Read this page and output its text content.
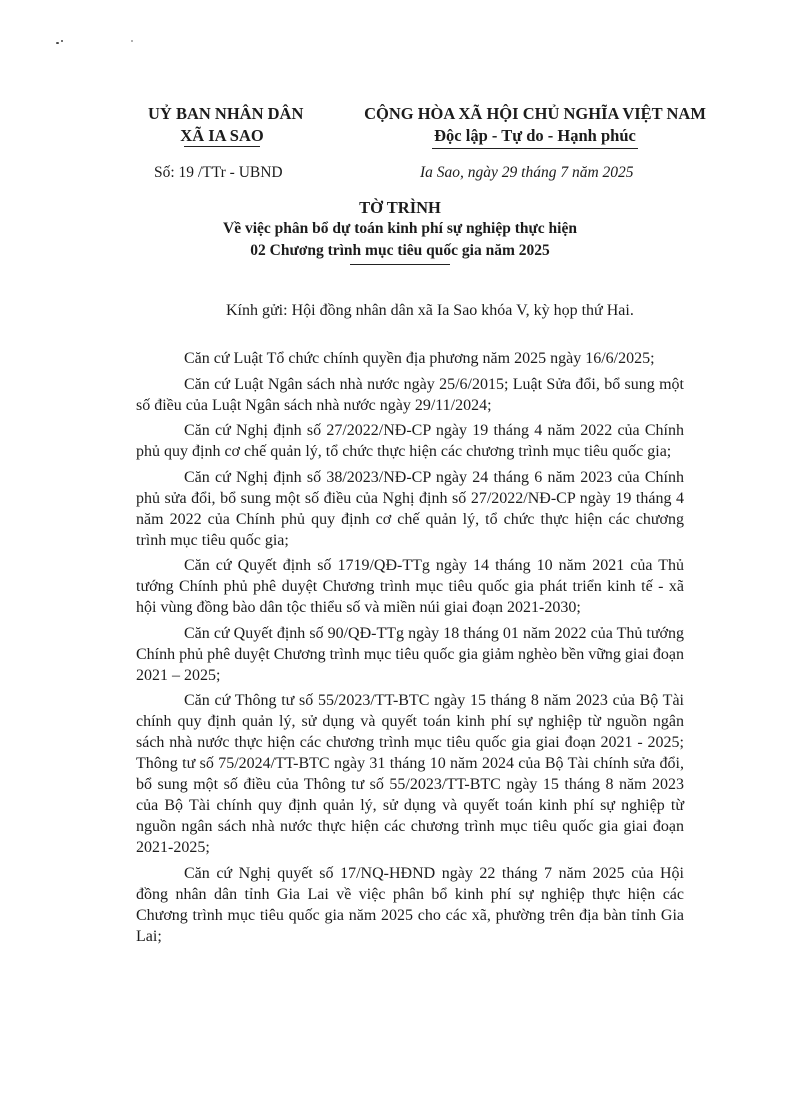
UỶ BAN NHÂN DÂN
XÃ IA SAO
CỘNG HÒA XÃ HỘI CHỦ NGHĨA VIỆT NAM
Độc lập - Tự do - Hạnh phúc
Số: 19 /TTr - UBND	Ia Sao, ngày 29 tháng 7 năm 2025
TỜ TRÌNH
Về việc phân bổ dự toán kinh phí sự nghiệp thực hiện
02 Chương trình mục tiêu quốc gia năm 2025
Kính gửi: Hội đồng nhân dân xã Ia Sao khóa V, kỳ họp thứ Hai.

Căn cứ Luật Tổ chức chính quyền địa phương năm 2025 ngày 16/6/2025;

Căn cứ Luật Ngân sách nhà nước ngày 25/6/2015; Luật Sửa đổi, bổ sung một số điều của Luật Ngân sách nhà nước ngày 29/11/2024;

Căn cứ Nghị định số 27/2022/NĐ-CP ngày 19 tháng 4 năm 2022 của Chính phủ quy định cơ chế quản lý, tổ chức thực hiện các chương trình mục tiêu quốc gia;

Căn cứ Nghị định số 38/2023/NĐ-CP ngày 24 tháng 6 năm 2023 của Chính phủ sửa đổi, bổ sung một số điều của Nghị định số 27/2022/NĐ-CP ngày 19 tháng 4 năm 2022 của Chính phủ quy định cơ chế quản lý, tổ chức thực hiện các chương trình mục tiêu quốc gia;

Căn cứ Quyết định số 1719/QĐ-TTg ngày 14 tháng 10 năm 2021 của Thủ tướng Chính phủ phê duyệt Chương trình mục tiêu quốc gia phát triển kinh tế - xã hội vùng đồng bào dân tộc thiểu số và miền núi giai đoạn 2021-2030;

Căn cứ Quyết định số 90/QĐ-TTg ngày 18 tháng 01 năm 2022 của Thủ tướng Chính phủ phê duyệt Chương trình mục tiêu quốc gia giảm nghèo bền vững giai đoạn 2021 – 2025;

Căn cứ Thông tư số 55/2023/TT-BTC ngày 15 tháng 8 năm 2023 của Bộ Tài chính quy định quản lý, sử dụng và quyết toán kinh phí sự nghiệp từ nguồn ngân sách nhà nước thực hiện các chương trình mục tiêu quốc gia giai đoạn 2021 - 2025; Thông tư số 75/2024/TT-BTC ngày 31 tháng 10 năm 2024 của Bộ Tài chính sửa đổi, bổ sung một số điều của Thông tư số 55/2023/TT-BTC ngày 15 tháng 8 năm 2023 của Bộ Tài chính quy định quản lý, sử dụng và quyết toán kinh phí sự nghiệp từ nguồn ngân sách nhà nước thực hiện các chương trình mục tiêu quốc gia giai đoạn 2021-2025;

Căn cứ Nghị quyết số 17/NQ-HĐND ngày 22 tháng 7 năm 2025 của Hội đồng nhân dân tỉnh Gia Lai về việc phân bổ kinh phí sự nghiệp thực hiện các Chương trình mục tiêu quốc gia năm 2025 cho các xã, phường trên địa bàn tỉnh Gia Lai;
